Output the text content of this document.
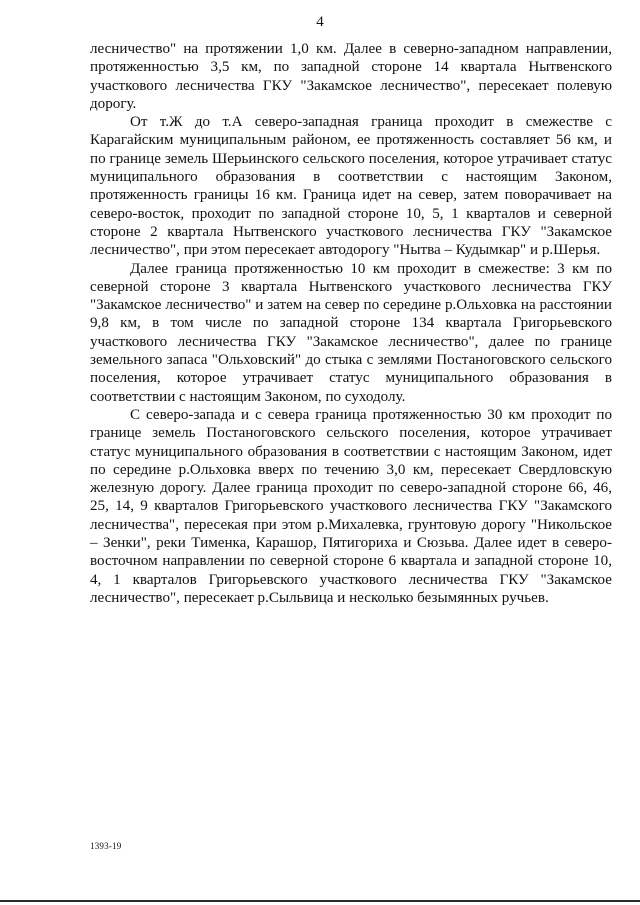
4

лесничество" на протяжении 1,0 км. Далее в северно-западном направлении, протяженностью 3,5 км, по западной стороне 14 квартала Нытвенского участкового лесничества ГКУ "Закамское лесничество", пересекает полевую дорогу.

От т.Ж до т.А северо-западная граница проходит в смежестве с Карагайским муниципальным районом, ее протяженность составляет 56 км, и по границе земель Шерьинского сельского поселения, которое утрачивает статус муниципального образования в соответствии с настоящим Законом, протяженность границы 16 км. Граница идет на север, затем поворачивает на северо-восток, проходит по западной стороне 10, 5, 1 кварталов и северной стороне 2 квартала Нытвенского участкового лесничества ГКУ "Закамское лесничество", при этом пересекает автодорогу "Нытва – Кудымкар" и р.Шерья.

Далее граница протяженностью 10 км проходит в смежестве: 3 км по северной стороне 3 квартала Нытвенского участкового лесничества ГКУ "Закамское лесничество" и затем на север по середине р.Ольховка на расстоянии 9,8 км, в том числе по западной стороне 134 квартала Григорьевского участкового лесничества ГКУ "Закамское лесничество", далее по границе земельного запаса "Ольховский" до стыка с землями Постаноговского сельского поселения, которое утрачивает статус муниципального образования в соответствии с настоящим Законом, по суходолу.

С северо-запада и с севера граница протяженностью 30 км проходит по границе земель Постаноговского сельского поселения, которое утрачивает статус муниципального образования в соответствии с настоящим Законом, идет по середине р.Ольховка вверх по течению 3,0 км, пересекает Свердловскую железную дорогу. Далее граница проходит по северо-западной стороне 66, 46, 25, 14, 9 кварталов Григорьевского участкового лесничества ГКУ "Закамского лесничества", пересекая при этом р.Михалевка, грунтовую дорогу "Никольское – Зенки", реки Тименка, Карашор, Пятигориха и Сюзьва. Далее идет в северо-восточном направлении по северной стороне 6 квартала и западной стороне 10, 4, 1 кварталов Григорьевского участкового лесничества ГКУ "Закамское лесничество", пересекает р.Сыльвица и несколько безымянных ручьев.

1393-19
